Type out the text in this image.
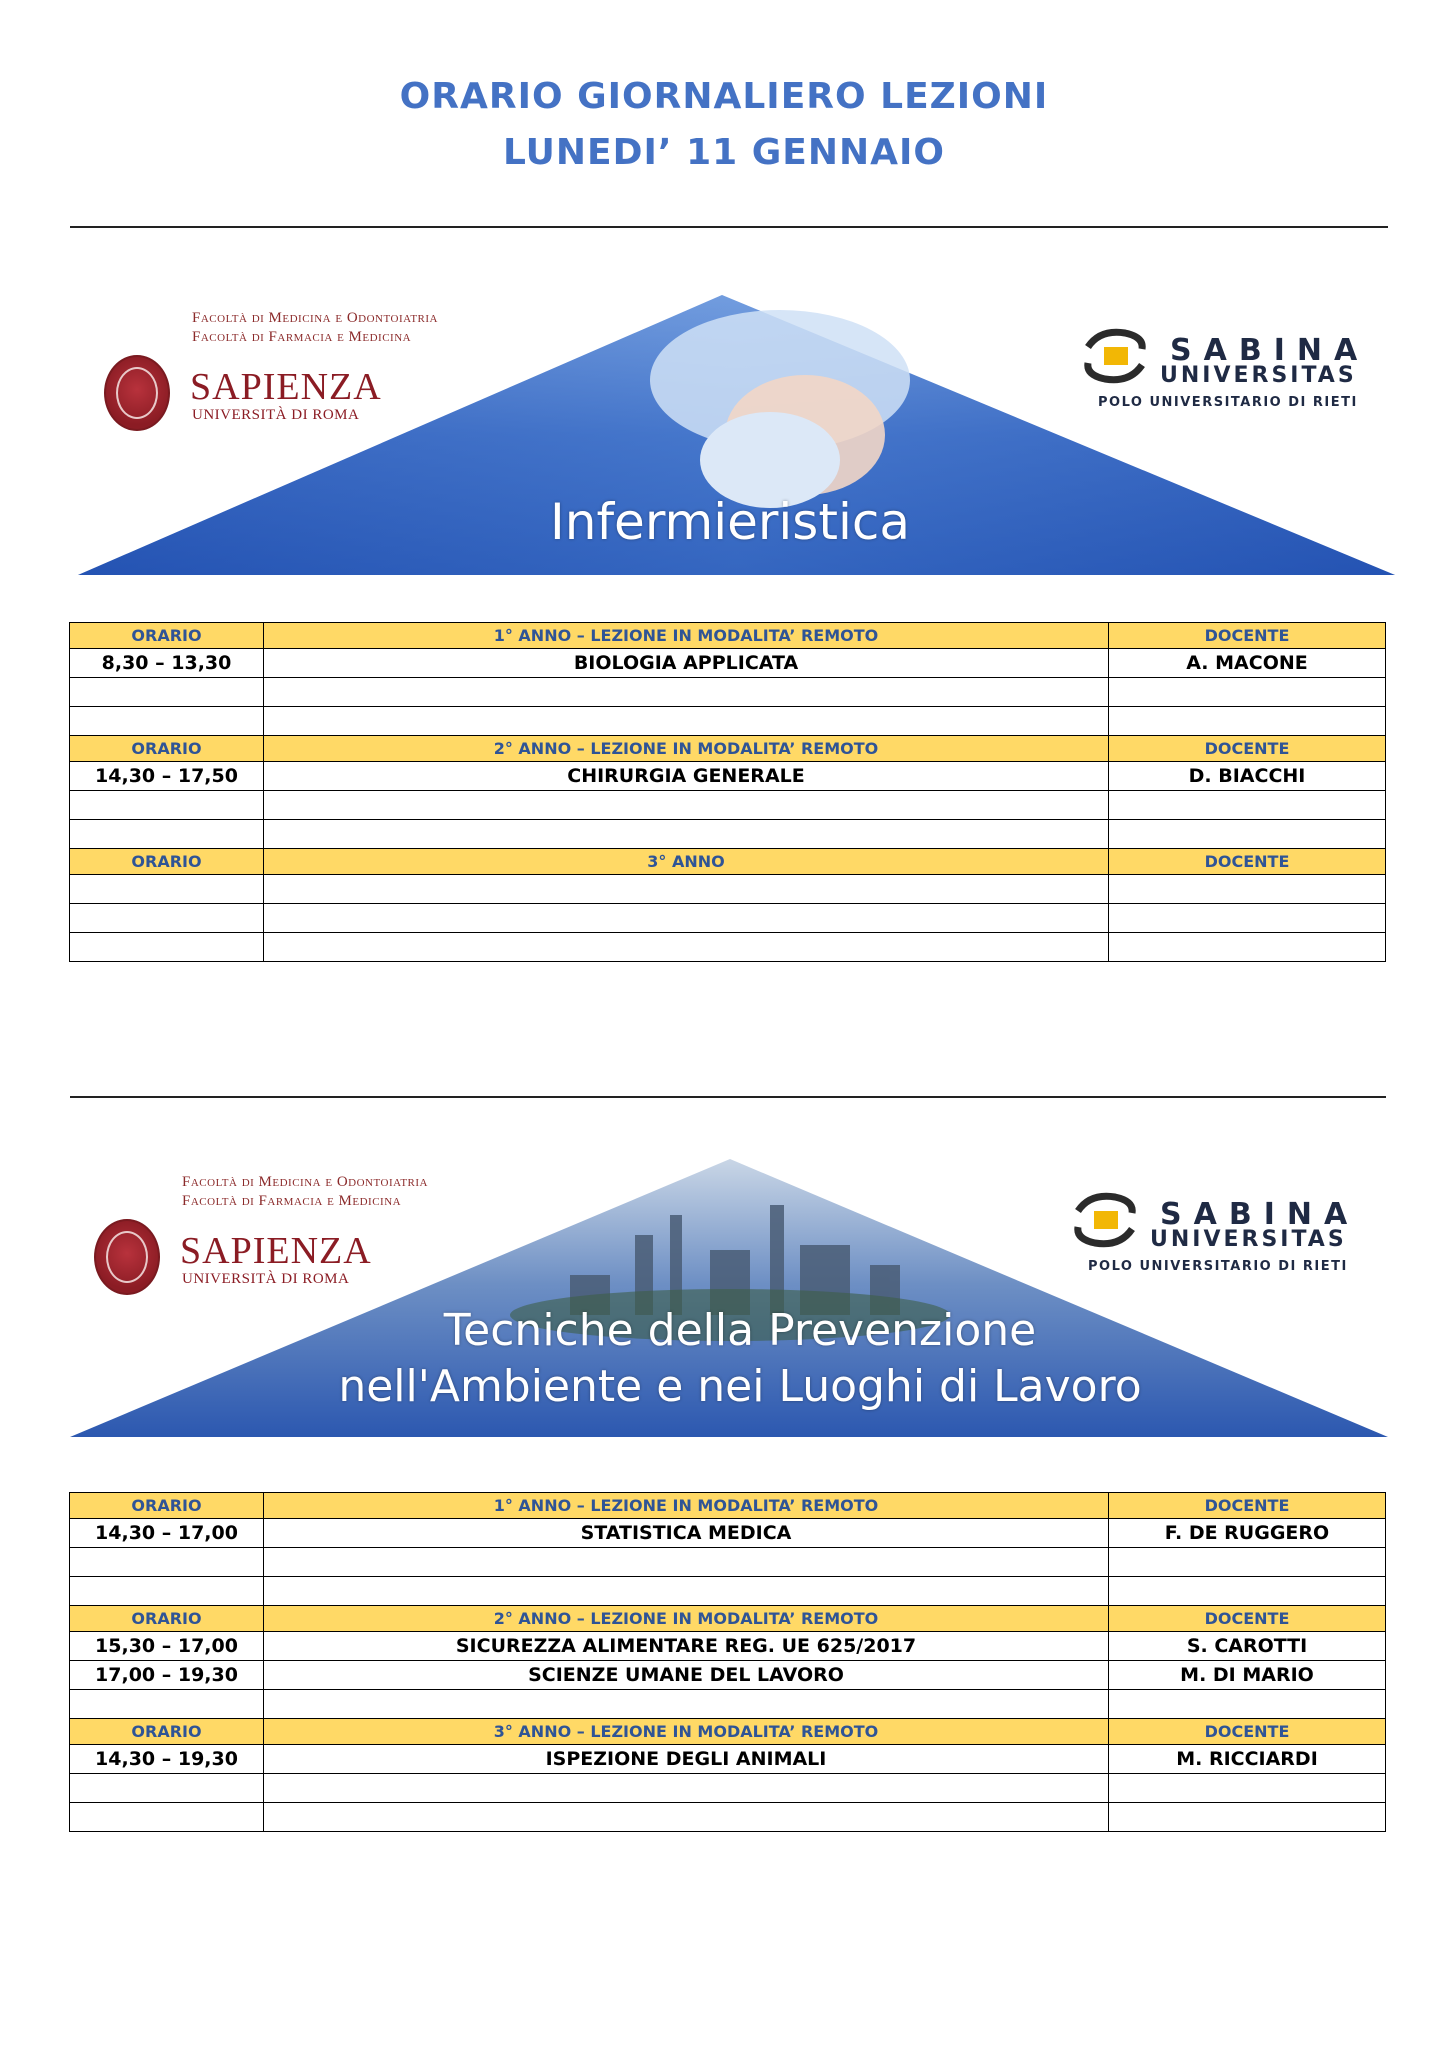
ORARIO GIORNALIERO LEZIONI
LUNEDI’ 11 GENNAIO
Facoltà di Medicina e Odontoiatria
Facoltà di Farmacia e Medicina
SAPIENZA
UNIVERSITÀ DI ROMA
SABINA
UNIVERSITAS
POLO UNIVERSITARIO DI RIETI
Infermieristica
ORARIO	1° ANNO – LEZIONE IN MODALITA’ REMOTO	DOCENTE
8,30 – 13,30	BIOLOGIA APPLICATA	A. MACONE

ORARIO	2° ANNO – LEZIONE IN MODALITA’ REMOTO	DOCENTE
14,30 – 17,50	CHIRURGIA GENERALE	D. BIACCHI

ORARIO	3° ANNO	DOCENTE

Facoltà di Medicina e Odontoiatria
Facoltà di Farmacia e Medicina
SAPIENZA
UNIVERSITÀ DI ROMA
SABINA
UNIVERSITAS
POLO UNIVERSITARIO DI RIETI
Tecniche della Prevenzione
nell'Ambiente e nei Luoghi di Lavoro
ORARIO	1° ANNO – LEZIONE IN MODALITA’ REMOTO	DOCENTE
14,30 – 17,00	STATISTICA MEDICA	F. DE RUGGERO

ORARIO	2° ANNO – LEZIONE IN MODALITA’ REMOTO	DOCENTE
15,30 – 17,00	SICUREZZA ALIMENTARE REG. UE 625/2017	S. CAROTTI
17,00 – 19,30	SCIENZE UMANE DEL LAVORO	M. DI MARIO

ORARIO	3° ANNO – LEZIONE IN MODALITA’ REMOTO	DOCENTE
14,30 – 19,30	ISPEZIONE DEGLI ANIMALI	M. RICCIARDI
